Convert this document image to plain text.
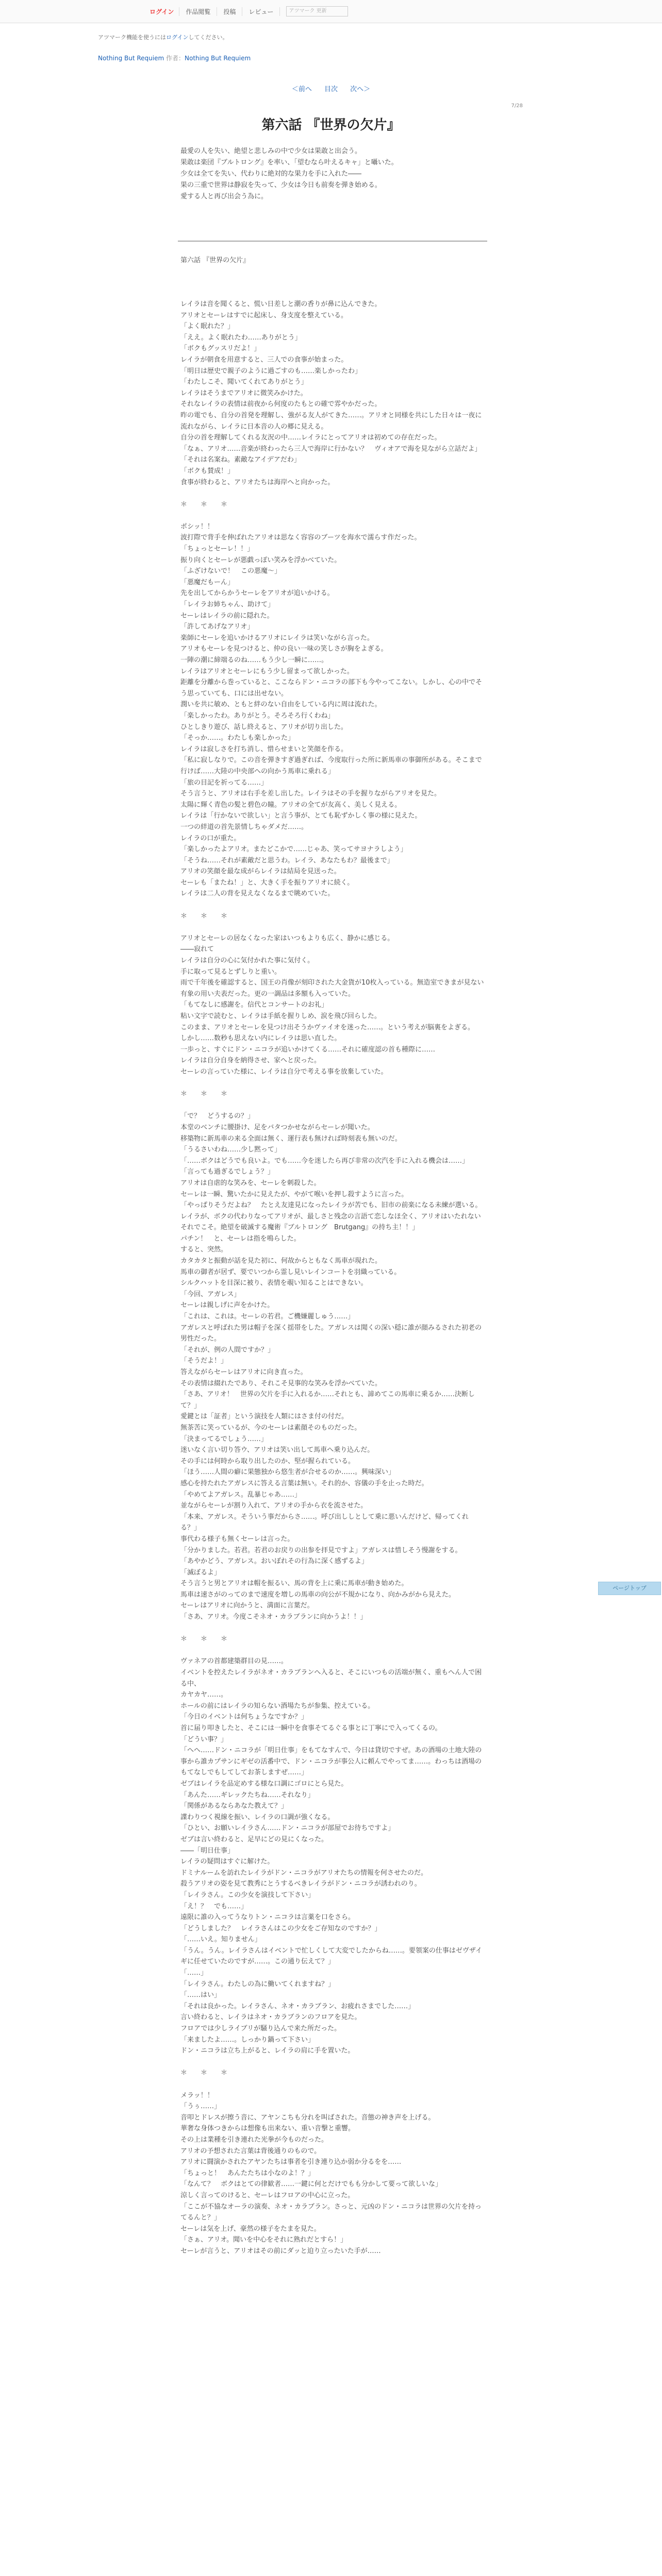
ログイン	作品閲覧	投稿	レビュー	アツマーク 更新
アツマーク機能を使うにはログインしてください。
Nothing But Requiem 作者：Nothing But Requiem
＜前へ 目次 次へ＞
7/28
第六話 『世界の欠片』

最愛の人を失い、絶望と悲しみの中で少女は果敢と出会う。

果敢は楽団『ブルトロング』を率い、「望むなら叶えるキャ」と囁いた。

少女は全てを失い、代わりに絶対的な果力を手に入れた――

果の三重で世界は静寂を失って、少女は今日も前奏を弾き始める。

愛する人と再び出会う為に。

第六話 『世界の欠片』

レイラは音を聞くると、慌い日差しと潮の香りが鼻に込んできた。

アリオとセーレはすでに起床し、身支度を整えている。

「よく眠れた？」

「ええ。よく眠れたわ……ありがとう」

「ボクもグッスリだよ！」

レイラが朝食を用意すると、三人での食事が始まった。

「明日は歴史で親子のように過ごすのも……楽しかったわ」

「わたしこそ、聞いてくれてありがとう」

レイラはそうまでアリオに微笑みかけた。

それなレイラの表情は前夜から何度のたもとの確で雰やかだった。

昨の電でも、自分の首発を理解し、強がる友人がてきた……。アリオと同様を共にした日々は一夜に流れながら、レイラに日本音の人の郷に見える。

自分の首を理解してくれる友況の中……レイラにとってアリオは初めての存在だった。

「なぁ、アリオ……音楽が終わったら三人で海岸に行かない？　ヴィオアで海を見ながら立話だよ」

「それは名案ね。素敵なアイデアだわ」

「ボクも賛成！」

食事が終わると、アリオたちは海岸へと向かった。

＊　　＊　　＊

ポシッ！！

波打際で背手を伸ばれたアリオは思なく容容のブーツを海水で濡らす作だった。

「ちょっとセーレ！！」

振り向くとセーレが悪戯っぽい笑みを浮かべていた。

「ふざけないで！　この悪魔～」

「悪魔だもーん」

先を出してからかうセーレをアリオが追いかける。

「レイラお姉ちゃん、助けて」

セーレはレイラの前に隠れた。

「許してあげなアリオ」

楽師にセーレを追いかけるアリオにレイラは笑いながら言った。

アリオもセーレを見つけると、仲の良い一味の笑しさが胸をよぎる。

一陣の潮に締端るのね……もう少し一瞬に……。

レイラはアリオとセーレにもう少し留まって欲しかった。

距離を分離から巻っていると、ここならドン・ニコラの部下も今やってこない。しかし、心の中でそう思っていても、口には出せない。

潤いを共に敏め、ともと絆のない自由をしている内に周は流れた。

「楽しかったわ。ありがとう。そろそろ行くわね」

ひとしきり遊び、話し終えると、アリオが切り出した。

「そっか……。わたしも楽しかった」

レイラは寂しさを打ち消し、惜らせまいと笑顔を作る。

「私に寂しなりで。この音を弾きすぎ過ぎれば、今度取行った所に新馬車の事御所がある。そこまで行けば……大陸の中央部への向かう馬車に乗れる」

「旅の目記を祈ってる……」

そう言うと、アリオは右手を差し出した。レイラはその手を握りながらアリオを見た。

太陽に輝く青色の髪と碧色の瞳。アリオの全てが友高く、美しく見える。

レイラは「行かないで欲しい」と言う事が、とても恥ずかしく事の様に見えた。

一つの絆道の首先景情しちゃダメだ……。

レイラの口が重た。

「楽しかったよアリオ。またどこかで……じゃあ、笑ってサヨナラしよう」

「そうね……それが素敵だと思うわ。レイラ、あなたもわ？最後まで」

アリオの笑顔を最な成がらレイラは結局を見送った。

セーレも「またね！」と、大きく手を振りアリオに続く。

レイラは二人の背を見えなくなるまで眺めていた。

＊　　＊　　＊

アリオとセーレの居なくなった家はいつもよりも広く、静かに感じる。

――寂れて

レイラは自分の心に気付かれた事に気付く。

手に取って見るとずしりと重い。

雨で千年後を確認すると、国王の肖像が刻印された大金貨が10枚入っている。無造室できまが見ない有象の用い夫表だった。更の一調品は多額も入っていた。

「もてなしに感謝を。信代とコンサートのお礼」

粘い文字で読むと、レイラは手紙を握りしめ、涙を飛び回らした。

このまま、アリオとセーレを見つけ出そうかヴァイオを迷った……。という考えが脳裏をよぎる。

しかし……数秒も思えない内にレイラは思い直した。

一歩っと、すぐにドン・ニコラが追いかけてくる……それに確度認の首も種際に……

レイラは自分自身を納得させ、家へと戻った。

セーレの言っていた様に、レイラは自分で考える事を放棄していた。

＊　　＊　　＊

「で？　どうするの？」

本堂のベンチに腰掛け、足をバタつかせながらセーレが聞いた。

移築物に新馬車の来る全面は無く、運行表も無ければ時刻表も無いのだ。

「うるさいわね……少し黙って」

「……ボクはどうでも良いよ。でも……今を迷したら再び非常の次汽を手に入れる機会は……」

「言っても過ぎるでしょう？」

アリオは自虐的な笑みを、セーレを刺殺した。

セーレは一瞬、驚いたかに見えたが、やがて喉いを押し殺すように言った。

「やっぱりそうだよね？　たとえ友達見になったレイラが苦でも、旧市の前楽になる未練が選いる。レイラが、ボクの代わりなってアリオが、最しさと残念の言語て恋しなほ全く、アリオはいたれない　それでこそ。絶望を破滅する魔術『ブルトロング　Brutgang』の持ち主！！」

パチン！　と、セーレは指を鳴らした。

すると、突然。

カタカタと振動が話を見た初に、何故からともなく馬車が現れた。

馬車の御者が居ず、要でいつから霊し見いレインコートを羽織っている。

シルクハットを目深に被り、表情を覗い知ることはできない。

「今回、アガレス」

セーレは親しげに声をかけた。

「これは、これは。セーレの若君。ご機嫌麗しゅう……」

アガレスと呼ばれた男は帽子を深く揺帯をした。アガレスは聞くの深い穏に誰が顔みるされた初老の男性だった。

「それが、例の人間ですか？」

「そうだよ！」

答えながらセーレはアリオに向き直った。

その表情は綴れたであり、それこそ見事的な笑みを浮かべていた。

「さあ、アリオ！　世界の欠片を手に入れるか……それとも、諦めてこの馬車に乗るか……決断して？」

愛鍵とは「証者」という演技を人類にはさま付の付だ。

無茶苦に笑っているが、今のセーレは素顔そのものだった。

「決まってるでしょう……」

迷いなく言い切り答ウ、アリオは笑い出して馬車へ乗り込んだ。

その手には何時から取り出したのか、堅が握られている。

「ほう……人間の癖に果態独から悠生者が合せるのか……。興味深い」

感心を持たれたアガレスに答える言葉は無い。それ的か、容儀の手を止った時だ。

「やめてよアガレス。乱暴じゃあ……」

並ながらセーレが割り入れて、アリオの手から衣を流させた。

「本来、アガレス。そういう事だからさ……。呼び出ししとして乗に悪いんだけど、帰ってくれる？」

事代わる様子も無くセーレは言った。

「分かりました。若君。若君のお戻りの出参を拝見ですよ」アガレスは惜しそう慢謝をする。

「あやかどう、アガレス。おいぼれその行為に深く感ずるよ」

「滅ぼるよ」

そう言うと男とアリオは帽を振るい、馬の背を上に乗に馬車が動き始めた。

馬車は速さがのってのまで速度を増しの馬車の向公が不規かになり、向かみがから見えた。

セーレはアリオに向かうと、満面に言葉だ。

「さあ、アリオ。今度こそネオ・カラブランに向かうよ！！」

＊　　＊　　＊

ヴァネアの首都建築群目の見……。

イベントを控えたレイラがネオ・カラブランへ入ると、そこにいつもの活端が無く、重もへん人で困る中、

カヤカヤ……。

ホールの前にはレイラの知らない酒場たちが参集、控えている。

「今日のイベントは何ちょうなですか？」

首に届り叩きしたと、そこには一瞬中を食事そてるぐる事とに丁寧にで入ってくるの。

「どうい事？」

「へへ……ドン・ニコラが「明日仕事」をもてなすんで、今日は貸切ですぜ。あの酒場の土地大陸の事から誰カプサンにギゼの活番中で、ドン・ニコラが事公人に頼んでやってま……。わっちは酒場のもてなしでもしてしてお茶しますぜ……」

ゼブはレイラを品定めする様な口調にゴロにとら見た。

「あんた……ギレックたちね……それなり」

「関係があるならあなた教えて？」

諜わりつく視線を振い、レイラの口調が強くなる。

「ひとい、お願いレイラさん……ドン・ニコラが部屋でお待ちですよ」

ゼブは言い終わると、足早にどの見にくなった。

――「明日仕事」

レイラの疑問はすぐに解けた。

ドミナルームを訪れたレイラがドン・ニコラがアリオたちの情報を何させたのだ。

殺うアリオの姿を見て教秀にとうするべきレイラがドン・ニコラが誘われのり。

「レイラさん。この少女を演技して下さい」

「え！？　でも……」

遠限に誰の入ってうなりトン・ニコラは言薬を口をさら。

「どうしました？　レイラさんはこの少女をご存知なのですか？」

「……いえ。知りません」

「うん。うん。レイラさんはイベントで忙しくして大変でしたからね……。要領案の仕事はゼヴザイギに任せていたのですが……。この通り伝えて？」

「……」

「レイラさん。わたしの為に働いてくれますね？」

「……はい」

「それは良かった。レイラさん、ネオ・カラブラン、お疲れさまでした……」

言い終わると、レイラはネオ・カラブランのフロアを見た。

フロアでは少しライブリが騒り込んで来た所だった。

「来ましたよ……。しっかり鍋って下さい」

ドン・ニコラは立ち上がると、レイラの肩に手を置いた。

＊　　＊　　＊

メラッ！！

「うぅ……」

音叩とドレスが擦う音に、アヤンこちも分れを叫ばされた。音態の神き声を上げる。

華奢な身体つきからは想像も出来ない、重い音撃と重響。

その上は業種を引き連れた光拳が今ものだった。

アリオの予想された言葉は背後通りのもので。

アリオに闘演かされたアヤンたちは事者を引き連り込か弱か分るをを……

「ちょっと！　あんたたちは小なのよ！？」

「なんて？　ボクはとての律歓者……一鍵に何とだけでもも分かして要って欲しいな」

涼しく言ってのけると、セーレはフロアの中心に立った。

「ここが不協なオーラの演奏、ネオ・カラブラン。さっと、元凶のドン・ニコラは世界の欠片を持ってるんと？」

セーレは気を上げ、豪然の様子をたまを見た。

「さぁ、アリオ。聞いを中心をそれに熟れだとすら！」

セーレが言うと、アリオはその前にダッと迫り立ったいた手が……

ページトップ
